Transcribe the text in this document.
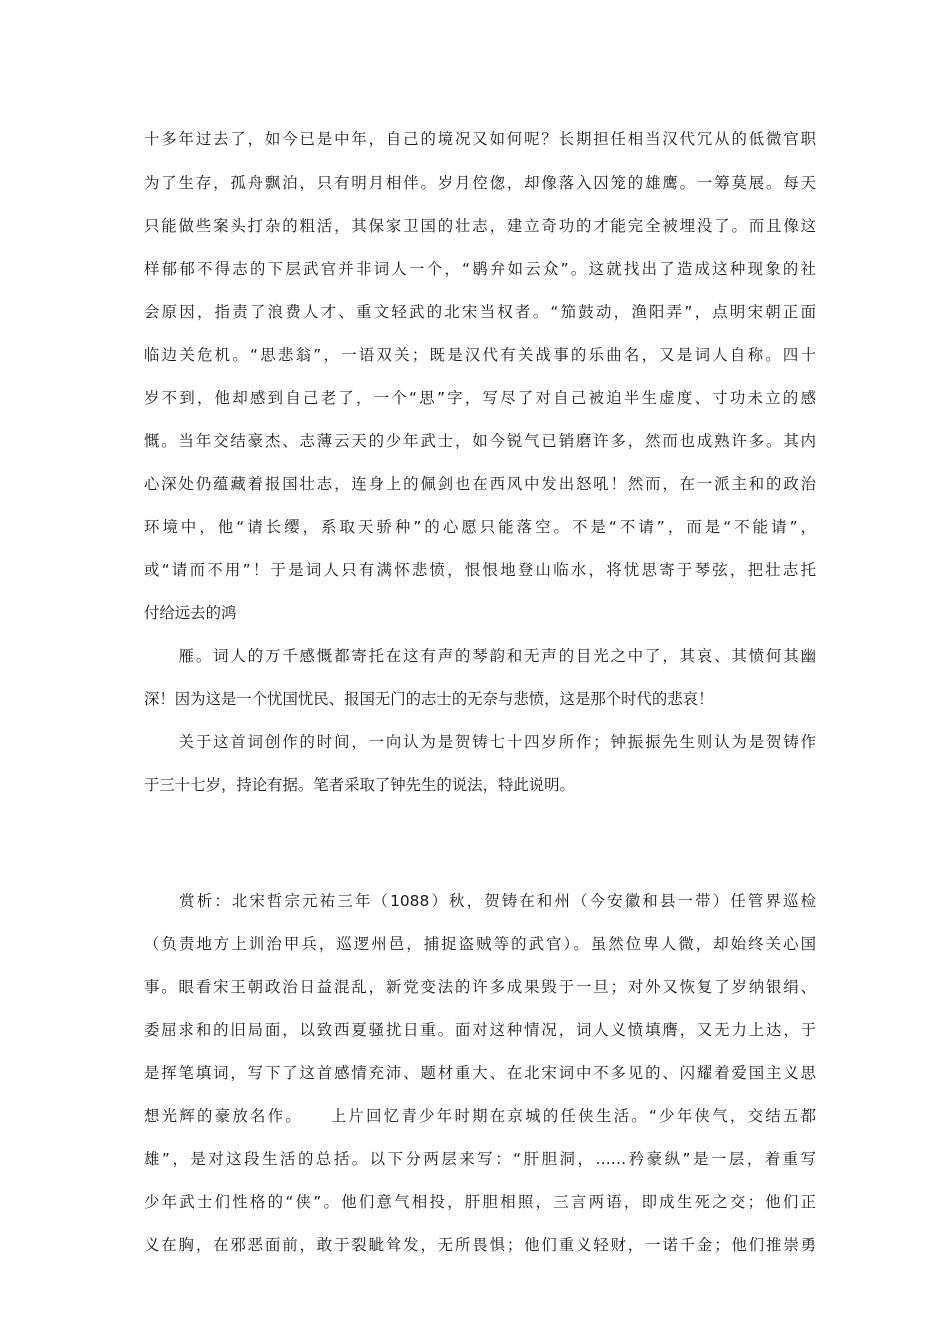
十多年过去了，如今已是中年，自己的境况又如何呢？长期担任相当汉代冗从的低微官职
为了生存，孤舟飘泊，只有明月相伴。岁月倥偬，却像落入囚笼的雄鹰。一筹莫展。每天
只能做些案头打杂的粗活，其保家卫国的壮志，建立奇功的才能完全被埋没了。而且像这
样郁郁不得志的下层武官并非词人一个，“鹖弁如云众”。这就找出了造成这种现象的社
会原因，指责了浪费人才、重文轻武的北宋当权者。“笳鼓动，渔阳弄”，点明宋朝正面
临边关危机。“思悲翁”，一语双关；既是汉代有关战事的乐曲名，又是词人自称。四十
岁不到，他却感到自己老了，一个“思”字，写尽了对自己被迫半生虚度、寸功未立的感
慨。当年交结豪杰、志薄云天的少年武士，如今锐气已销磨许多，然而也成熟许多。其内
心深处仍蕴藏着报国壮志，连身上的佩剑也在西风中发出怒吼！然而，在一派主和的政治
环境中，他“请长缨，系取天骄种”的心愿只能落空。不是“不请”，而是“不能请”，
或“请而不用”！于是词人只有满怀悲愤，恨恨地登山临水，将忧思寄于琴弦，把壮志托
付给远去的鸿
　　雁。词人的万千感慨都寄托在这有声的琴韵和无声的目光之中了，其哀、其愤何其幽
深！因为这是一个忧国忧民、报国无门的志士的无奈与悲愤，这是那个时代的悲哀！
　　关于这首词创作的时间，一向认为是贺铸七十四岁所作；钟振振先生则认为是贺铸作
于三十七岁，持论有据。笔者采取了钟先生的说法，特此说明。
　　赏析：北宋哲宗元祐三年（1088）秋，贺铸在和州（今安徽和县一带）任管界巡检
（负责地方上训治甲兵，巡逻州邑，捕捉盗贼等的武官）。虽然位卑人微，却始终关心国
事。眼看宋王朝政治日益混乱，新党变法的许多成果毁于一旦；对外又恢复了岁纳银绢、
委屈求和的旧局面，以致西夏骚扰日重。面对这种情况，词人义愤填膺，又无力上达，于
是挥笔填词，写下了这首感情充沛、题材重大、在北宋词中不多见的、闪耀着爱国主义思
想光辉的豪放名作。　　上片回忆青少年时期在京城的任侠生活。“少年侠气，交结五都
雄”，是对这段生活的总括。以下分两层来写：“肝胆洞，……矜豪纵”是一层，着重写
少年武士们性格的“侠”。他们意气相投，肝胆相照，三言两语，即成生死之交；他们正
义在胸，在邪恶面前，敢于裂眦耸发，无所畏惧；他们重义轻财，一诺千金；他们推崇勇
